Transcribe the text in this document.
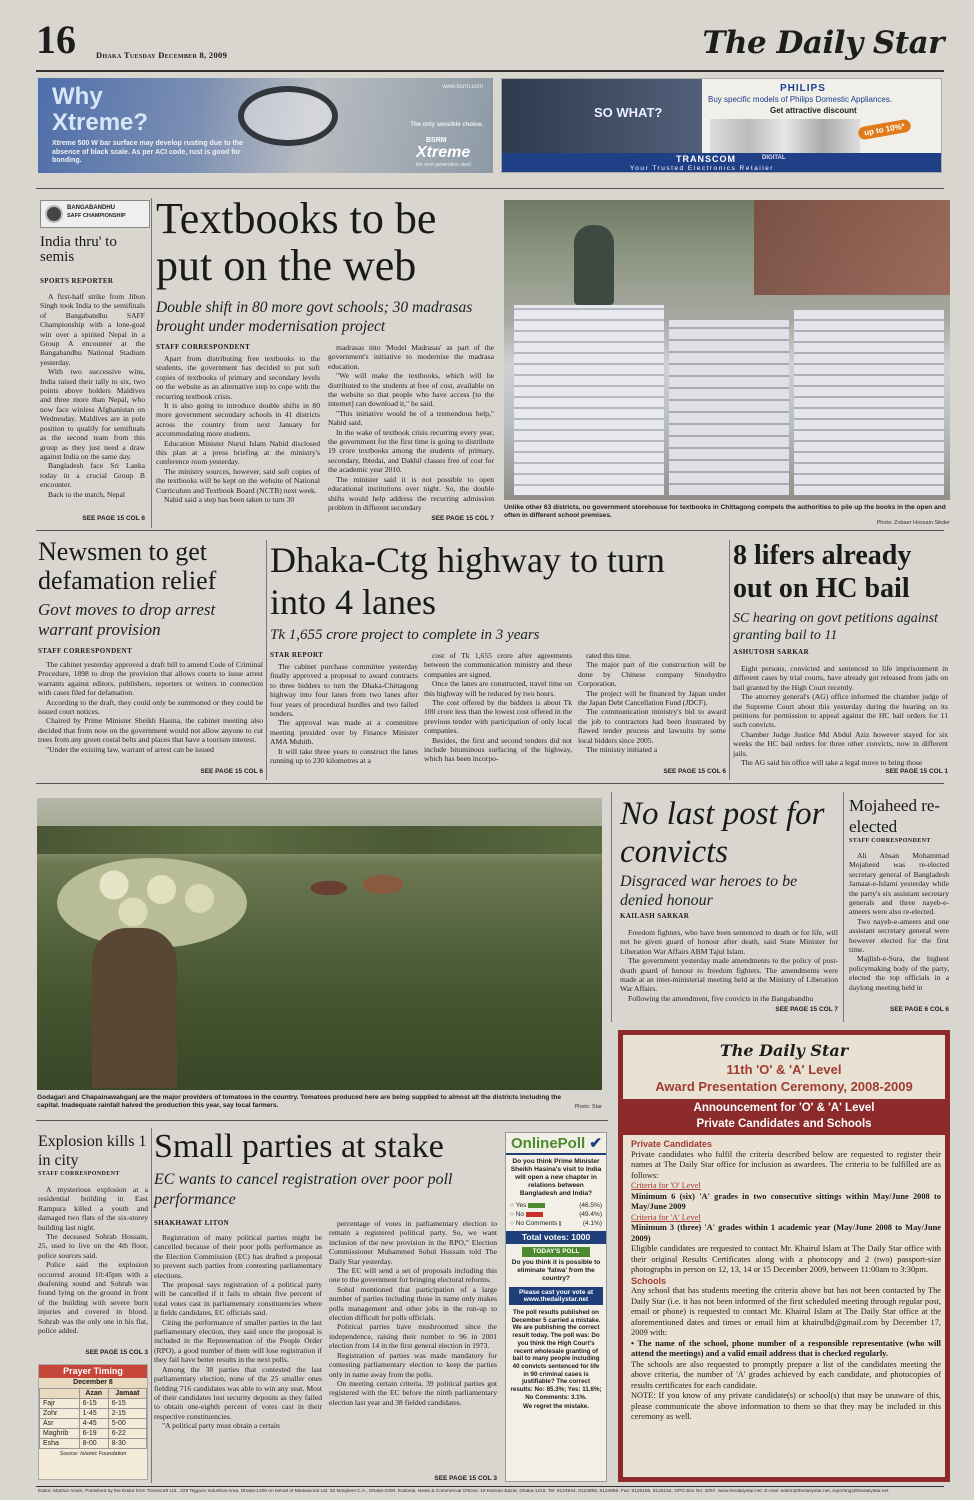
16 Dhaka Tuesday December 8, 2009	The Daily Star
Why Xtreme?
Xtreme 500 W bar surface may develop rusting due to the absence of black scale. As per ACI code, rust is good for bonding.
www.bsrm.com
The only sensible choice.
BSRM
Xtreme
the next generation steel
SO WHAT?
PHILIPS
Buy specific models of Philips Domestic Appliances.
Get attractive discount
up to 10%*
TRANSCOM	DIGITAL
Your Trusted Electronics Retailer
BANGABANDHU
SAFF CHAMPIONSHIP
India thru' to semis
SPORTS REPORTER

A first-half strike from Jibon Singh took India to the semifinals of Bangabandhu SAFF Championship with a lone-goal win over a spirited Nepal in a Group A encounter at the Bangabandhu National Stadium yesterday.

With two successive wins, India raised their tally to six, two points above holders Maldives and three more than Nepal, who now face winless Afghanistan on Wednesday. Maldives are in pole position to qualify for semifinals as the second team from this group as they just need a draw against India on the same day.

Bangladesh face Sri Lanka today in a crucial Group B encounter.

Back to the match, Nepal

SEE PAGE 15 COL 6
Textbooks to be put on the web
Double shift in 80 more govt schools; 30 madrasas brought under modernisation project
STAFF CORRESPONDENT

Apart from distributing free textbooks to the students, the government has decided to put soft copies of textbooks of primary and secondary levels on the website as an alternative step to cope with the recurring textbook crisis.

It is also going to introduce double shifts in 80 more government secondary schools in 41 districts across the country from next January for accommodating more students.

Education Minister Nurul Islam Nahid disclosed this plan at a press briefing at the ministry's conference room yesterday.

The ministry sources, however, said soft copies of the textbooks will be kept on the website of National Curriculum and Textbook Board (NCTB) next week.

Nahid said a step has been taken to turn 30

madrasas into 'Model Madrasas' as part of the government's initiative to modernise the madrasa education.

"We will make the textbooks, which will be distributed to the students at free of cost, available on the website so that people who have access [to the internet] can download it," he said.

"This initiative would be of a tremendous help," Nahid said.

In the wake of textbook crisis recurring every year, the government for the first time is going to distribute 19 crore textbooks among the students of primary, secondary, Ibtedai, and Dakhil classes free of cost for the academic year 2010.

The minister said it is not possible to open educational institutions over night. So, the double shifts would help address the recurring admission problem in different secondary

SEE PAGE 15 COL 7
Unlike other 63 districts, no government storehouse for textbooks in Chittagong compels the authorities to pile up the books in the open and often in different school premises.
Photo: Zobaer Hossain Sikder
Newsmen to get defamation relief
Govt moves to drop arrest warrant provision
STAFF CORRESPONDENT

The cabinet yesterday approved a draft bill to amend Code of Criminal Procedure, 1898 to drop the provision that allows courts to issue arrest warrants against editors, publishers, reporters or writers in connection with cases filed for defamation.

According to the draft, they could only be summoned or they could be issued court notices.

Chaired by Prime Minister Sheikh Hasina, the cabinet meeting also decided that from now on the government would not allow anyone to cut trees from any green costal belts and places that have a tourism interest.

"Under the existing law, warrant of arrest can be issued

SEE PAGE 15 COL 6
Dhaka-Ctg highway to turn into 4 lanes
Tk 1,655 crore project to complete in 3 years
STAR REPORT

The cabinet purchase committee yesterday finally approved a proposal to award contracts to three bidders to turn the Dhaka-Chittagong highway into four lanes from two lanes after four years of procedural hurdles and two failed tenders.

The approval was made at a committee meeting presided over by Finance Minister AMA Muhith.

It will take three years to construct the lanes running up to 230 kilometres at a

cost of Tk 1,655 crore after agreements between the communication ministry and these companies are signed.

Once the lanes are constructed, travel time on this highway will be reduced by two hours.

The cost offered by the bidders is about Tk 100 crore less than the lowest cost offered in the previous tender with participation of only local companies.

Besides, the first and second tenders did not include bituminous surfacing of the highway, which has been incorpo-

rated this time.

The major part of the construction will be done by Chinese company Sinohydro Corporation.

The project will be financed by Japan under the Japan Debt Cancellation Fund (JDCF).

The communication ministry's bid to award the job to contractors had been frustrated by flawed tender process and lawsuits by some local bidders since 2005.

The ministry initiated a

SEE PAGE 15 COL 6
8 lifers already out on HC bail
SC hearing on govt petitions against granting bail to 11
ASHUTOSH SARKAR

Eight persons, convicted and sentenced to life imprisonment in different cases by trial courts, have already got released from jails on bail granted by the High Court recently.

The attorney general's (AG) office informed the chamber judge of the Supreme Court about this yesterday during the hearing on its petitions for permission to appeal against the HC bail orders for 11 such convicts.

Chamber Judge Justice Md Abdul Aziz however stayed for six weeks the HC bail orders for three other convicts, now in different jails.

The AG said his office will take a legal move to bring those

SEE PAGE 15 COL 1
Godagari and Chapainawabganj are the major providers of tomatoes in the country. Tomatoes produced here are being supplied to almost all the districts including the capital. Inadequate rainfall halved the production this year, say local farmers.	Photo: Star
No last post for convicts
Disgraced war heroes to be denied honour
KAILASH SARKAR

Freedom fighters, who have been sentenced to death or for life, will not be given guard of honour after death, said State Minister for Liberation War Affairs ABM Tajul Islam.

The government yesterday made amendments to the policy of post-death guard of honour to freedom fighters. The amendments were made at an inter-ministerial meeting held at the Ministry of Liberation War Affairs.

Following the amendment, five convicts in the Bangabandhu

SEE PAGE 15 COL 7
Mojaheed re-elected
STAFF CORRESPONDENT

Ali Ahsan Mohammad Mojaheed was re-elected secretary general of Bangladesh Jamaat-e-Islami yesterday while the party's six assistant secretary generals and three nayeb-e-ameers were also re-elected.

Two nayeb-e-ameers and one assistant secretary general were however elected for the first time.

Majlish-e-Sura, the highest policymaking body of the party, elected the top officials in a daylong meeting held in

SEE PAGE 6 COL 6
The Daily Star
11th 'O' & 'A' Level
Award Presentation Ceremony, 2008-2009
Announcement for 'O' & 'A' Level
Private Candidates and Schools
Private Candidates
Private candidates who fulfil the criteria described below are requested to register their names at The Daily Star office for inclusion as awardees. The criteria to be fulfilled are as follows:
Criteria for 'O' Level
Minimum 6 (six) 'A' grades in two consecutive sittings within May/June 2008 to May/June 2009
Criteria for 'A' Level
Minimum 3 (three) 'A' grades within 1 academic year (May/June 2008 to May/June 2009)
Eligible candidates are requested to contact Mr. Khairul Islam at The Daily Star office with their original Results Certificates along with a photocopy and 2 (two) passport-size photographs in person on 12, 13, 14 or 15 December 2009, between 11:00am to 3:30pm.
Schools
Any school that has students meeting the criteria above but has not been contacted by The Daily Star (i.e. it has not been informed of the first scheduled meeting through regular post, email or phone) is requested to contact Mr. Khairul Islam at The Daily Star office at the aforementioned dates and times or email him at khairulbd@gmail.com by December 17, 2009 with:
• The name of the school, phone number of a responsible representative (who will attend the meetings) and a valid email address that is checked regularly.
The schools are also requested to promptly prepare a list of the candidates meeting the above criteria, the number of 'A' grades achieved by each candidate, and photocopies of results certificates for each candidate.
NOTE: If you know of any private candidate(s) or school(s) that may be unaware of this, please communicate the above information to them so that they may be included in this ceremony as well.
Explosion kills 1 in city
STAFF CORRESPONDENT

A mysterious explosion at a residential building in East Rampura killed a youth and damaged two flats of the six-storey building last night.

The deceased Sohrab Hossain, 25, used to live on the 4th floor, police sources said.

Police said the explosion occurred around 10:45pm with a deafening sound and Sohrab was found lying on the ground in front of the building with severe burn injuries and covered in blood. Sohrab was the only one in his flat, police added.

SEE PAGE 15 COL 3
Prayer Timing
December 8
	Azan	Jamaat
Fajr	6-15	6-15
Zohr	1-45	2-15
Asr	4-45	5-00
Maghrib	6-19	6-22
Esha	8-00	8-30
Source: Islamic Foundation
Small parties at stake
EC wants to cancel registration over poor poll performance
SHAKHAWAT LITON

Registration of many political parties might be cancelled because of their poor polls performance as the Election Commission (EC) has drafted a proposal to prevent such parties from contesting parliamentary elections.

The proposal says registration of a political party will be cancelled if it fails to obtain five percent of total votes cast in parliamentary constituencies where it fields candidates, EC officials said.

Citing the performance of smaller parties in the last parliamentary election, they said once the proposal is included in the Representation of the People Order (RPO), a good number of them will lose registration if they fail have better results in the next polls.

Among the 38 parties that contested the last parliamentary election, none of the 25 smaller ones fielding 716 candidates was able to win any seat. Most of their candidates lost security deposits as they failed to obtain one-eighth percent of votes cast in their respective constituencies.

"A political party must obtain a certain

percentage of votes in parliamentary election to remain a registered political party. So, we want inclusion of the new provision in the RPO," Election Commissioner Muhammed Sohul Hussain told The Daily Star yesterday.

The EC will send a set of proposals including this one to the government for bringing electoral reforms.

Sohul mentioned that participation of a large number of parties including those in name only makes polls management and other jobs in the run-up to election difficult for polls officials.

Political parties have mushroomed since the independence, raising their number to 96 in 2001 election from 14 in the first general election in 1973.

Registration of parties was made mandatory for contesting parliamentary election to keep the parties only in name away from the polls.

On meeting certain criteria, 39 political parties got registered with the EC before the ninth parliamentary election last year and 38 fielded candidates.

SEE PAGE 15 COL 3
OnlinePoll ✔
Do you think Prime Minister Sheikh Hasina's visit to India will open a new chapter in relations between Bangladesh and India?
○ Yes	(46.5%)
○ No	(49.4%)
○ No Comments	(4.1%)
Total votes: 1000
TODAY'S POLL
Do you think it is possible to eliminate 'fatwa' from the country?
Please cast your vote at
www.thedailystar.net
The poll results published on December 5 carried a mistake. We are publishing the correct result today. The poll was: Do you think the High Court's recent wholesale granting of bail to many people including 40 convicts sentenced for life in 90 criminal cases is justifiable? The correct results: No: 85.3%; Yes: 11.6%; No Comments: 3.1%.
We regret the mistake.
Editor: Mahfuz Anam. Published by the Editor from Transcraft Ltd., 229 Tejgaon Industrial Area, Dhaka-1208 on behalf of Mediaworld Ltd. 52 Motijheel C.A., Dhaka-1000. Editorial, News & Commercial Offices: 19 Karwan Bazar, Dhaka-1215. Tel: 8124944, 8124955, 8124966. Fax: 8125155, 8126154. GPO Box No: 3257. www.thedailystar.net. E-mail: editor@thedailystar.net, reporting@thedailystar.net
